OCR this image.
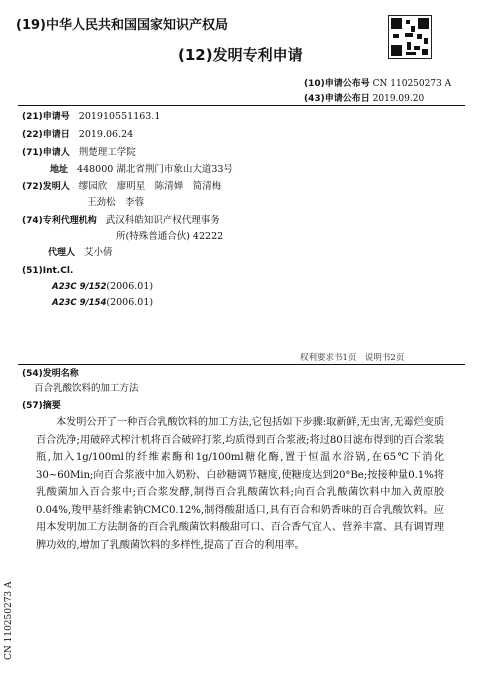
(19)中华人民共和国国家知识产权局
(12)发明专利申请
(10)申请公布号 CN 110250273 A
(43)申请公布日 2019.09.20
(21)申请号 201910551163.1
(22)申请日 2019.06.24
(71)申请人 荆楚理工学院
地址 448000 湖北省荆门市象山大道33号
(72)发明人 缪园欣　廖明星　陈清婵　简清梅
王劲松　李蓉
(74)专利代理机构 武汉科皓知识产权代理事务
所(特殊普通合伙) 42222
代理人 艾小倩
(51)Int.Cl.
A23C 9/152(2006.01)
A23C 9/154(2006.01)
权利要求书1页　说明书2页
(54)发明名称
百合乳酸饮料的加工方法
(57)摘要
本发明公开了一种百合乳酸饮料的加工方法,它包括如下步骤:取新鲜,无虫害,无霉烂变质百合洗净;用破碎式榨汁机将百合破碎打浆,均质得到百合浆液;将过80目滤布得到的百合浆装瓶,加入1g/100ml的纤维素酶和1g/100ml糖化酶,置于恒温水浴锅,在65℃下消化30~60Min;向百合浆液中加入奶粉、白砂糖调节糖度,使糖度达到20°Be;按接种量0.1%将乳酸菌加入百合浆中;百合浆发酵,制得百合乳酸菌饮料;向百合乳酸菌饮料中加入黄原胶0.04%,羧甲基纤维素钠CMC0.12%,制得酸甜适口,具有百合和奶香味的百合乳酸饮料。应用本发明加工方法制备的百合乳酸菌饮料酸甜可口、百合香气宜人、营养丰富、具有调胃理脾功效的,增加了乳酸菌饮料的多样性,提高了百合的利用率。
CN 110250273 A
